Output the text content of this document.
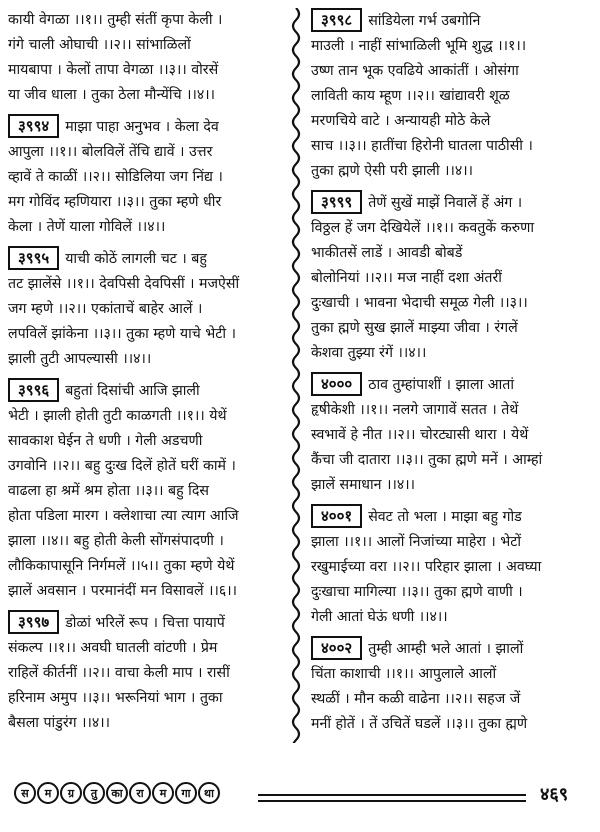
कायी वेगळा ।।१।। तुम्ही संतीं कृपा केली ।
गंगे चाली ओघाची ।।२।। सांभाळिलों
मायबापा । केलों तापा वेगळा ।।३।। वोरसें
या जीव धाला । तुका ठेला मौन्येंचि ।।४।।
३९९४ माझा पाहा अनुभव । केला देव
आपुला ।।१।। बोलविलें तेंचि द्यावें । उत्तर
व्हावें ते काळीं ।।२।। सोडिलिया जग निंद्य ।
मग गोविंद म्हणियारा ।।३।। तुका म्हणे धीर
केला । तेणें याला गोविलें ।।४।।
३९९५ याची कोठें लागली चट । बहु
तट झालेंसे ।।१।। देवपिसी देवपिसीं । मजऐसीं
जग म्हणे ।।२।। एकांताचें बाहेर आलें ।
लपविलें झांकेना ।।३।। तुका म्हणे याचे भेटी ।
झाली तुटी आपल्यासी ।।४।।
३९९६ बहुतां दिसांची आजि झाली
भेटी । झाली होती तुटी काळगती ।।१।। येथें
सावकाश घेईन ते धणी । गेली अडचणी
उगवोनि ।।२।। बहु दुःख दिलें होतें घरीं कामें ।
वाढला हा श्रमें श्रम होता ।।३।। बहु दिस
होता पडिला मारग । क्लेशाचा त्या त्याग आजि
झाला ।।४।। बहु होती केली सोंगसंपादणी ।
लौकिकापासूनि निर्गमलें ।।५।। तुका म्हणे येथें
झालें अवसान । परमानंदीं मन विसावलें ।।६।।
३९९७ डोळां भरिलें रूप । चित्ता पायापें
संकल्प ।।१।। अवघी घातली वांटणी । प्रेम
राहिलें कीर्तनीं ।।२।। वाचा केली माप । रासीं
हरिनाम अमुप ।।३।। भरूनियां भाग । तुका
बैसला पांडुरंग ।।४।।
३९९८ सांडियेला गर्भ उबगोनि
माउली । नाहीं सांभाळिली भूमि शुद्ध ।।१।।
उष्ण तान भूक एवढिये आकांतीं । ओसंगा
लाविती काय म्हूण ।।२।। खांद्यावरी शूळ
मरणचिये वाटे । अन्यायही मोठे केले
साच ।।३।। हातींचा हिरोनी घातला पाठीसी ।
तुका ह्मणे ऐसी परी झाली ।।४।।
३९९९ तेणें सुखें माझें निवालें हें अंग ।
विठ्ठल हें जग देखियेलें ।।१।। कवतुकें करुणा
भाकीतसें लाडें । आवडी बोबडें
बोलोनियां ।।२।। मज नाहीं दशा अंतरीं
दुःखाची । भावना भेदाची समूळ गेली ।।३।।
तुका ह्मणे सुख झालें माझ्या जीवा । रंगलें
केशवा तुझ्या रंगें ।।४।।
४००० ठाव तुम्हांपाशीं । झाला आतां
हृषीकेशी ।।१।। नलगे जागावें सतत । तेथें
स्वभावें हे नीत ।।२।। चोरट्यासी थारा । येथें
कैंचा जी दातारा ।।३।। तुका ह्मणे मनें । आम्हां
झालें समाधान ।।४।।
४००१ सेवट तो भला । माझा बहु गोड
झाला ।।१।। आलों निजांच्या माहेरा । भेटों
रखुमाईच्या वरा ।।२।। परिहार झाला । अवघ्या
दुःखाचा मागिल्या ।।३।। तुका ह्मणे वाणी ।
गेली आतां घेऊं धणी ।।४।।
४००२ तुम्ही आम्ही भले आतां । झालों
चिंता काशाची ।।१।। आपुलाले आलों
स्थळीं । मौन कळी वाढेना ।।२।। सहज जें
मनीं होतें । तें उचितें घडलें ।।३।। तुका ह्मणे
स	म	ग्र	तु	का	रा	म	गा	था	४६९
